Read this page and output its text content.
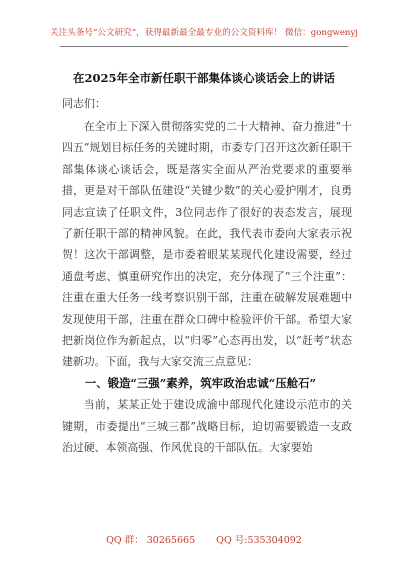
关注头条号“公文研究”，获得最新最全最专业的公文资料库！ 微信：gongwenyj
在2025年全市新任职干部集体谈心谈话会上的讲话
同志们：

在全市上下深入贯彻落实党的二十大精神、奋力推进“十四五”规划目标任务的关键时期，市委专门召开这次新任职干部集体谈心谈话会，既是落实全面从严治党要求的重要举措，更是对干部队伍建设“关键少数”的关心爱护刚才，良勇同志宣读了任职文件，3位同志作了很好的表态发言，展现了新任职干部的精神风貌。在此，我代表市委向大家表示祝贺！这次干部调整，是市委着眼某某现代化建设需要，经过通盘考虑、慎重研究作出的决定，充分体现了“三个注重”：注重在重大任务一线考察识别干部，注重在破解发展难题中发现使用干部，注重在群众口碑中检验评价干部。希望大家把新岗位作为新起点，以“归零”心态再出发，以“赶考”状态建新功。下面，我与大家交流三点意见：

一、锻造“三强”素养，筑牢政治忠诚“压舱石”

当前，某某正处于建设成渝中部现代化建设示范市的关键期，市委提出“三城三都”战略目标，迫切需要锻造一支政治过硬、本领高强、作风优良的干部队伍。大家要始

QQ 群： 30265665 QQ 号:535304092
